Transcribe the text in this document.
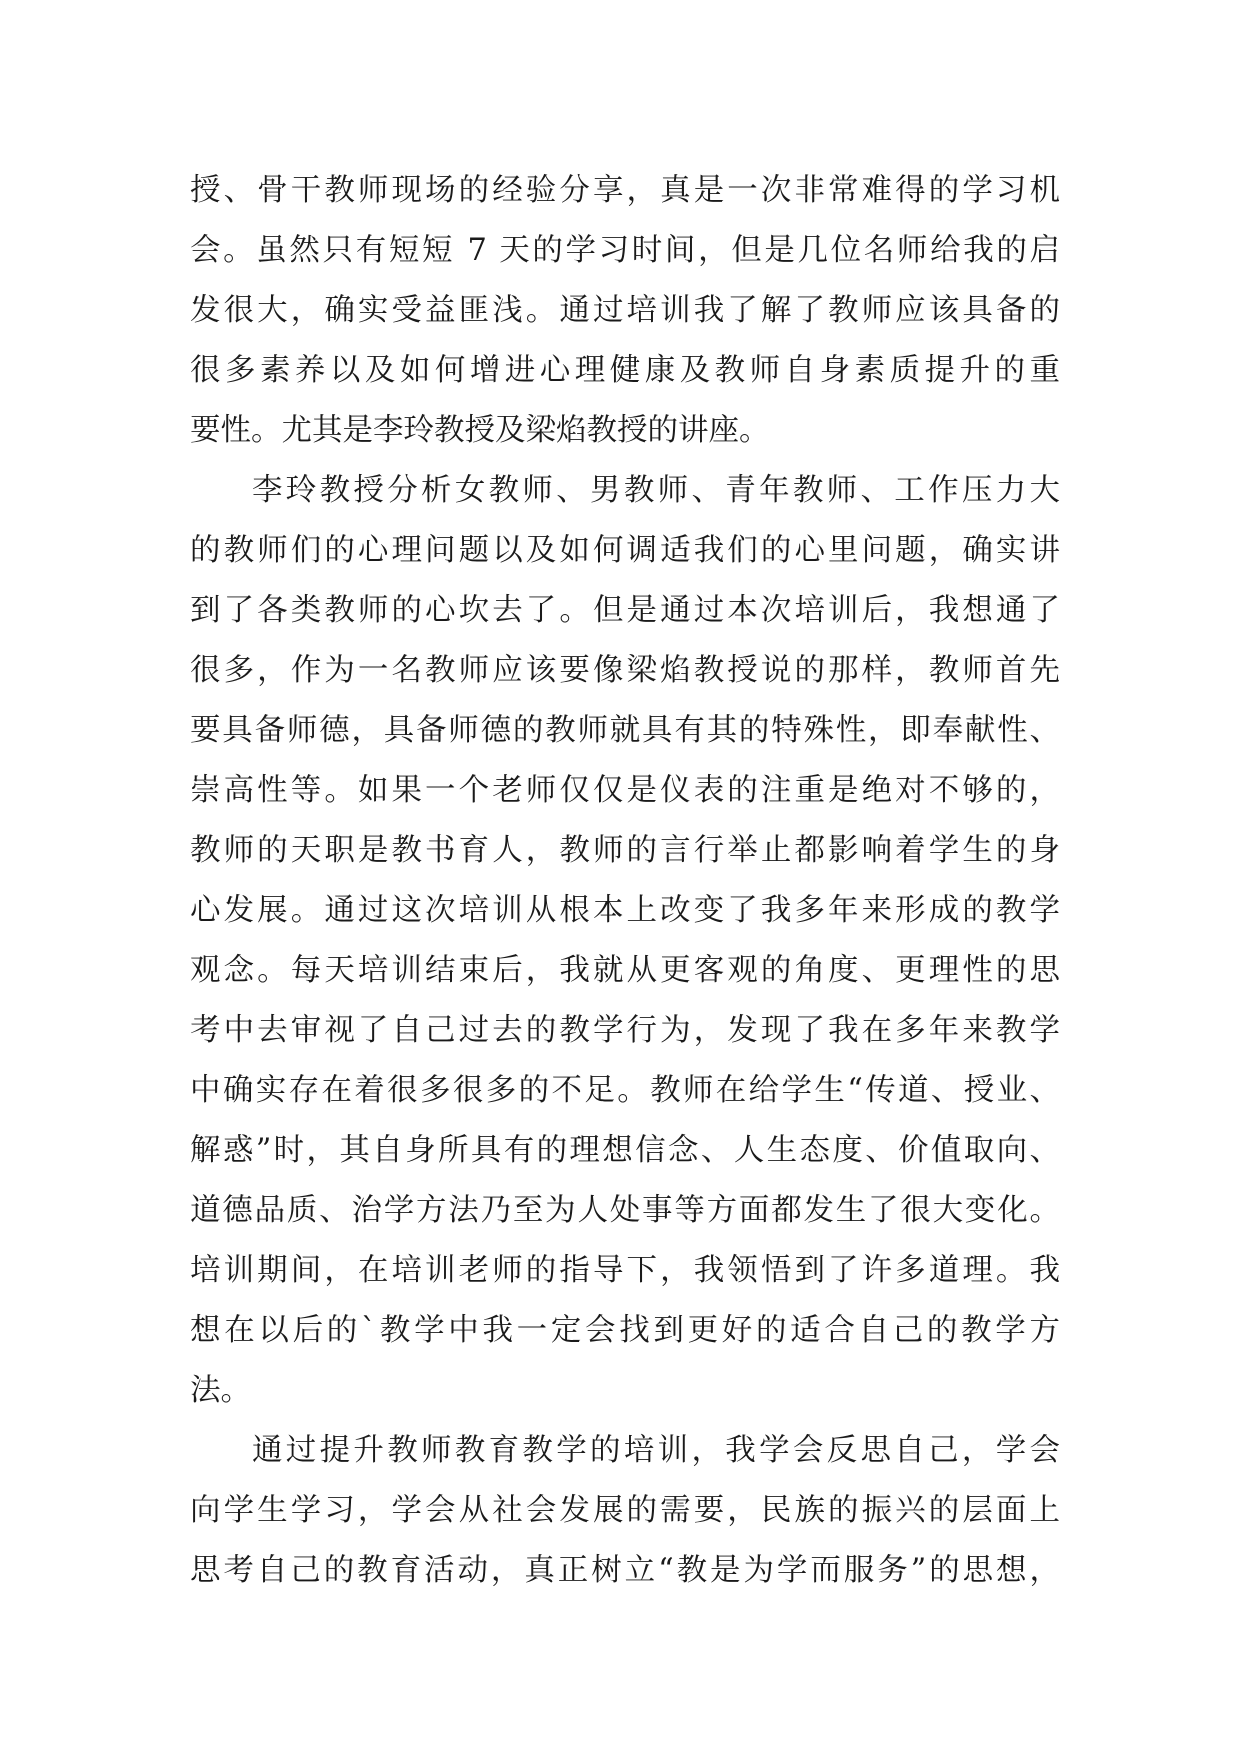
授、骨干教师现场的经验分享，真是一次非常难得的学习机
会。虽然只有短短 7 天的学习时间，但是几位名师给我的启
发很大，确实受益匪浅。通过培训我了解了教师应该具备的
很多素养以及如何增进心理健康及教师自身素质提升的重
要性。尤其是李玲教授及梁焰教授的讲座。
李玲教授分析女教师、男教师、青年教师、工作压力大
的教师们的心理问题以及如何调适我们的心里问题，确实讲
到了各类教师的心坎去了。但是通过本次培训后，我想通了
很多，作为一名教师应该要像梁焰教授说的那样，教师首先
要具备师德，具备师德的教师就具有其的特殊性，即奉献性、
崇高性等。如果一个老师仅仅是仪表的注重是绝对不够的，
教师的天职是教书育人，教师的言行举止都影响着学生的身
心发展。通过这次培训从根本上改变了我多年来形成的教学
观念。每天培训结束后，我就从更客观的角度、更理性的思
考中去审视了自己过去的教学行为，发现了我在多年来教学
中确实存在着很多很多的不足。教师在给学生“传道、授业、
解惑”时，其自身所具有的理想信念、人生态度、价值取向、
道德品质、治学方法乃至为人处事等方面都发生了很大变化。
培训期间，在培训老师的指导下，我领悟到了许多道理。我
想在以后的`教学中我一定会找到更好的适合自己的教学方
法。
通过提升教师教育教学的培训，我学会反思自己，学会
向学生学习，学会从社会发展的需要，民族的振兴的层面上
思考自己的教育活动，真正树立“教是为学而服务”的思想，
